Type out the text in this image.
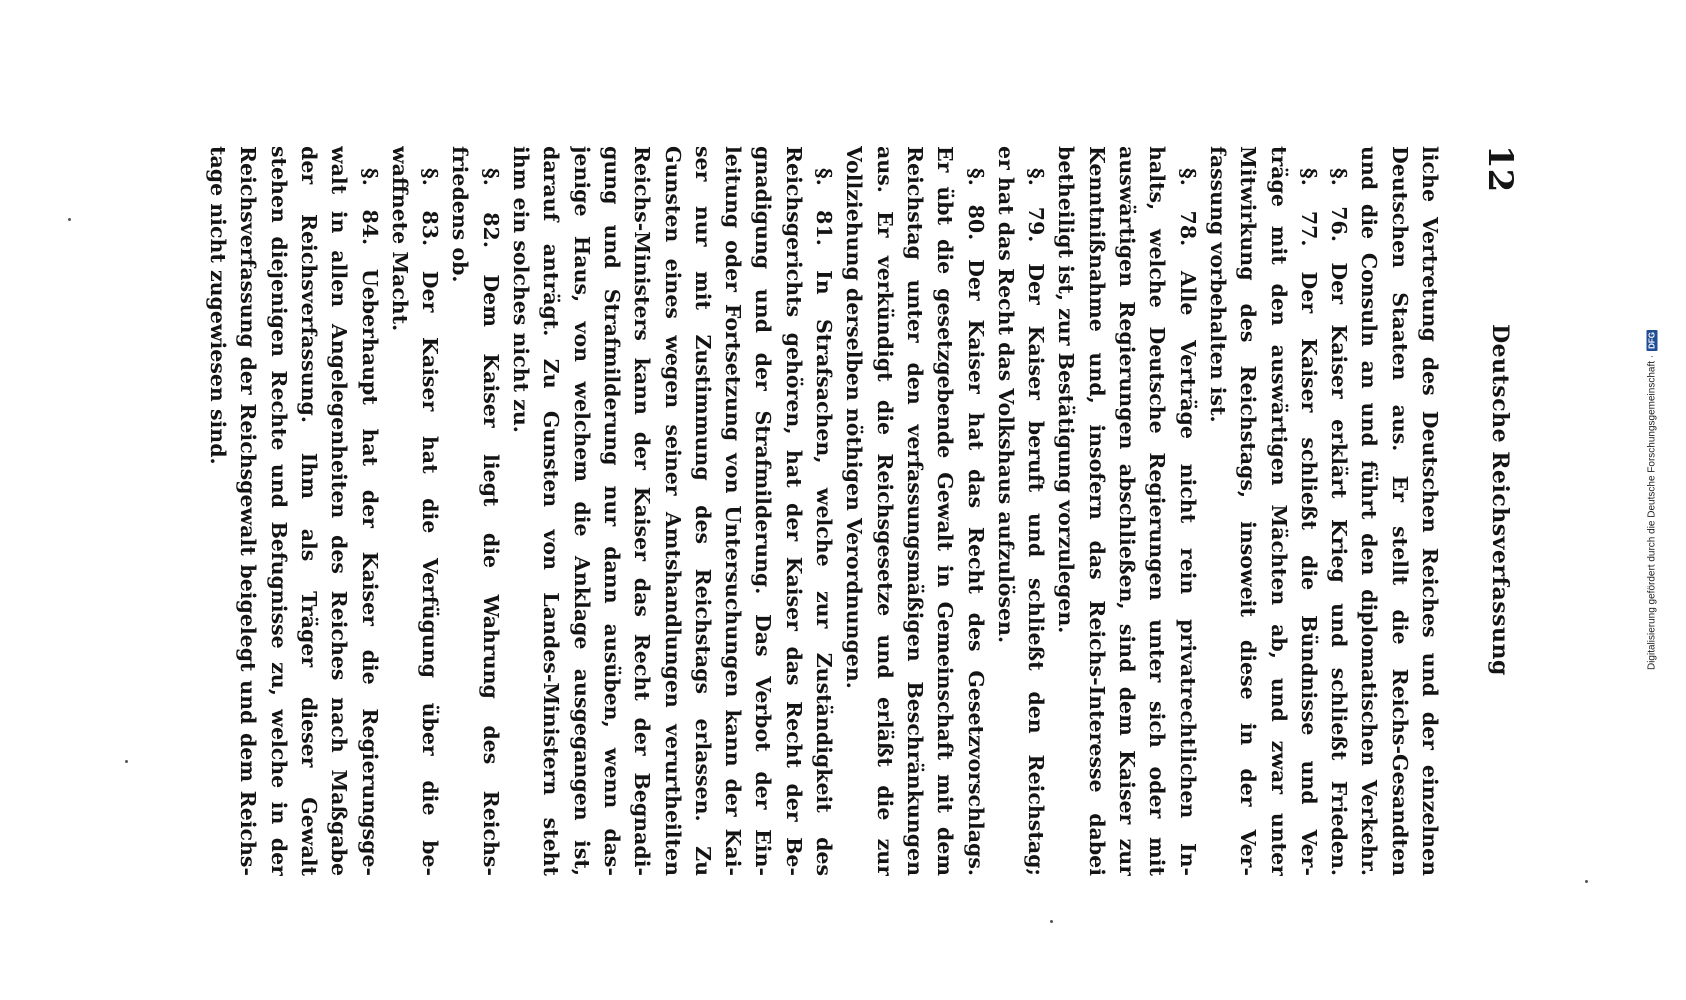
12
Deutsche Reichsverfassung
liche Vertretung des Deutschen Reiches und der einzelnen
Deutschen Staaten aus. Er stellt die Reichs-Gesandten
und die Consuln an und führt den diplomatischen Verkehr.
§. 76. Der Kaiser erklärt Krieg und schließt Frieden.
§. 77. Der Kaiser schließt die Bündnisse und Ver-
träge mit den auswärtigen Mächten ab, und zwar unter
Mitwirkung des Reichstags, insoweit diese in der Ver-
fassung vorbehalten ist.
§. 78. Alle Verträge nicht rein privatrechtlichen In-
halts, welche Deutsche Regierungen unter sich oder mit
auswärtigen Regierungen abschließen, sind dem Kaiser zur
Kenntnißnahme und, insofern das Reichs-Interesse dabei
betheiligt ist, zur Bestätigung vorzulegen.
§. 79. Der Kaiser beruft und schließt den Reichstag;
er hat das Recht das Volkshaus aufzulösen.
§. 80. Der Kaiser hat das Recht des Gesetzvorschlags.
Er übt die gesetzgebende Gewalt in Gemeinschaft mit dem
Reichstag unter den verfassungsmäßigen Beschränkungen
aus. Er verkündigt die Reichsgesetze und erläßt die zur
Vollziehung derselben nöthigen Verordnungen.
§. 81. In Strafsachen, welche zur Zuständigkeit des
Reichsgerichts gehören, hat der Kaiser das Recht der Be-
gnadigung und der Strafmilderung. Das Verbot der Ein-
leitung oder Fortsetzung von Untersuchungen kann der Kai-
ser nur mit Zustimmung des Reichstags erlassen. Zu
Gunsten eines wegen seiner Amtshandlungen verurtheilten
Reichs-Ministers kann der Kaiser das Recht der Begnadi-
gung und Strafmilderung nur dann ausüben, wenn das-
jenige Haus, von welchem die Anklage ausgegangen ist,
darauf anträgt. Zu Gunsten von Landes-Ministern steht
ihm ein solches nicht zu.
§. 82. Dem Kaiser liegt die Wahrung des Reichs-
friedens ob.
§. 83. Der Kaiser hat die Verfügung über die be-
waffnete Macht.
§. 84. Ueberhaupt hat der Kaiser die Regierungsge-
walt in allen Angelegenheiten des Reiches nach Maßgabe
der Reichsverfassung. Ihm als Träger dieser Gewalt
stehen diejenigen Rechte und Befugnisse zu, welche in der
Reichsverfassung der Reichsgewalt beigelegt und dem Reichs-
tage nicht zugewiesen sind.
Digitalisierung gefördert durch die Deutsche Forschungsgemeinschaft ·
DFG
